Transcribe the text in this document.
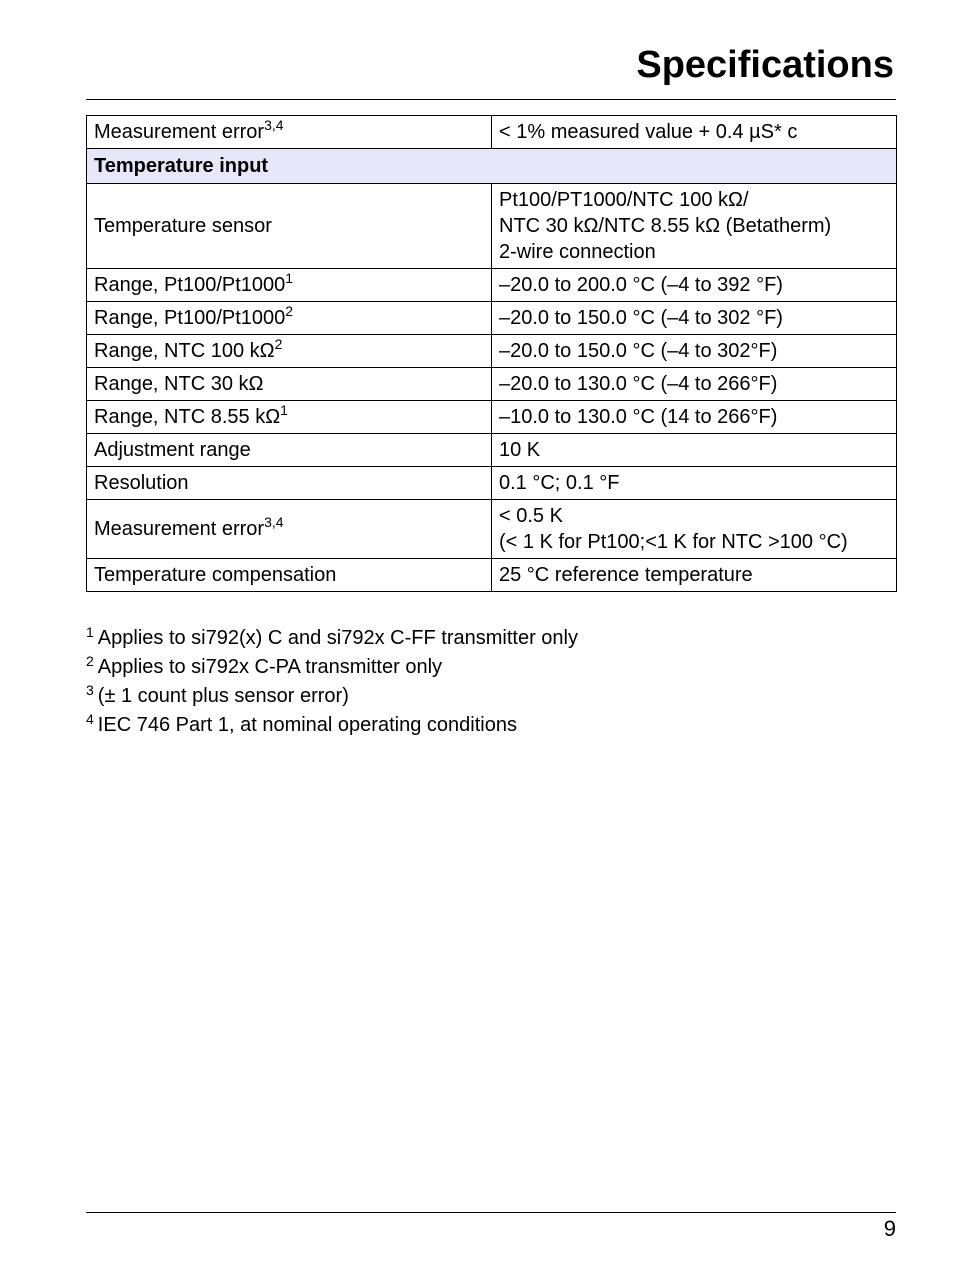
Specifications
Measurement error$^{3,4}$	< 1% measured value + 0.4 µS* c

Temperature input	
Temperature sensor	Pt100/PT1000/NTC 100 kΩ/
NTC 30 kΩ/NTC 8.55 kΩ (Betatherm)
2-wire connection

Range, Pt100/Pt1000$^1$	–20.0 to 200.0 °C (–4 to 392 °F)

Range, Pt100/Pt1000$^2$	–20.0 to 150.0 °C (–4 to 302 °F)

Range, NTC 100 $k\Omega^2$	–20.0 to 150.0 °C (–4 to 302°F)

Range, NTC 30 kΩ	–20.0 to 130.0 °C (–4 to 266°F)

Range, NTC 8.55 $k\Omega^1$	–10.0 to 130.0 °C (14 to 266°F)

Adjustment range	10 K

Resolution	0.1 °C; 0.1 °F

Measurement error$^{3,4}$	< 0.5 K
(< 1 K for Pt100;<1 K for NTC >100 °C)

Temperature compensation	25 °C reference temperature
$^1$ Applies to si792(x) C and si792x C-FF transmitter only
$^2$ Applies to si792x C-PA transmitter only
$^3$ (± 1 count plus sensor error)
$^4$ IEC 746 Part 1, at nominal operating conditions
9
